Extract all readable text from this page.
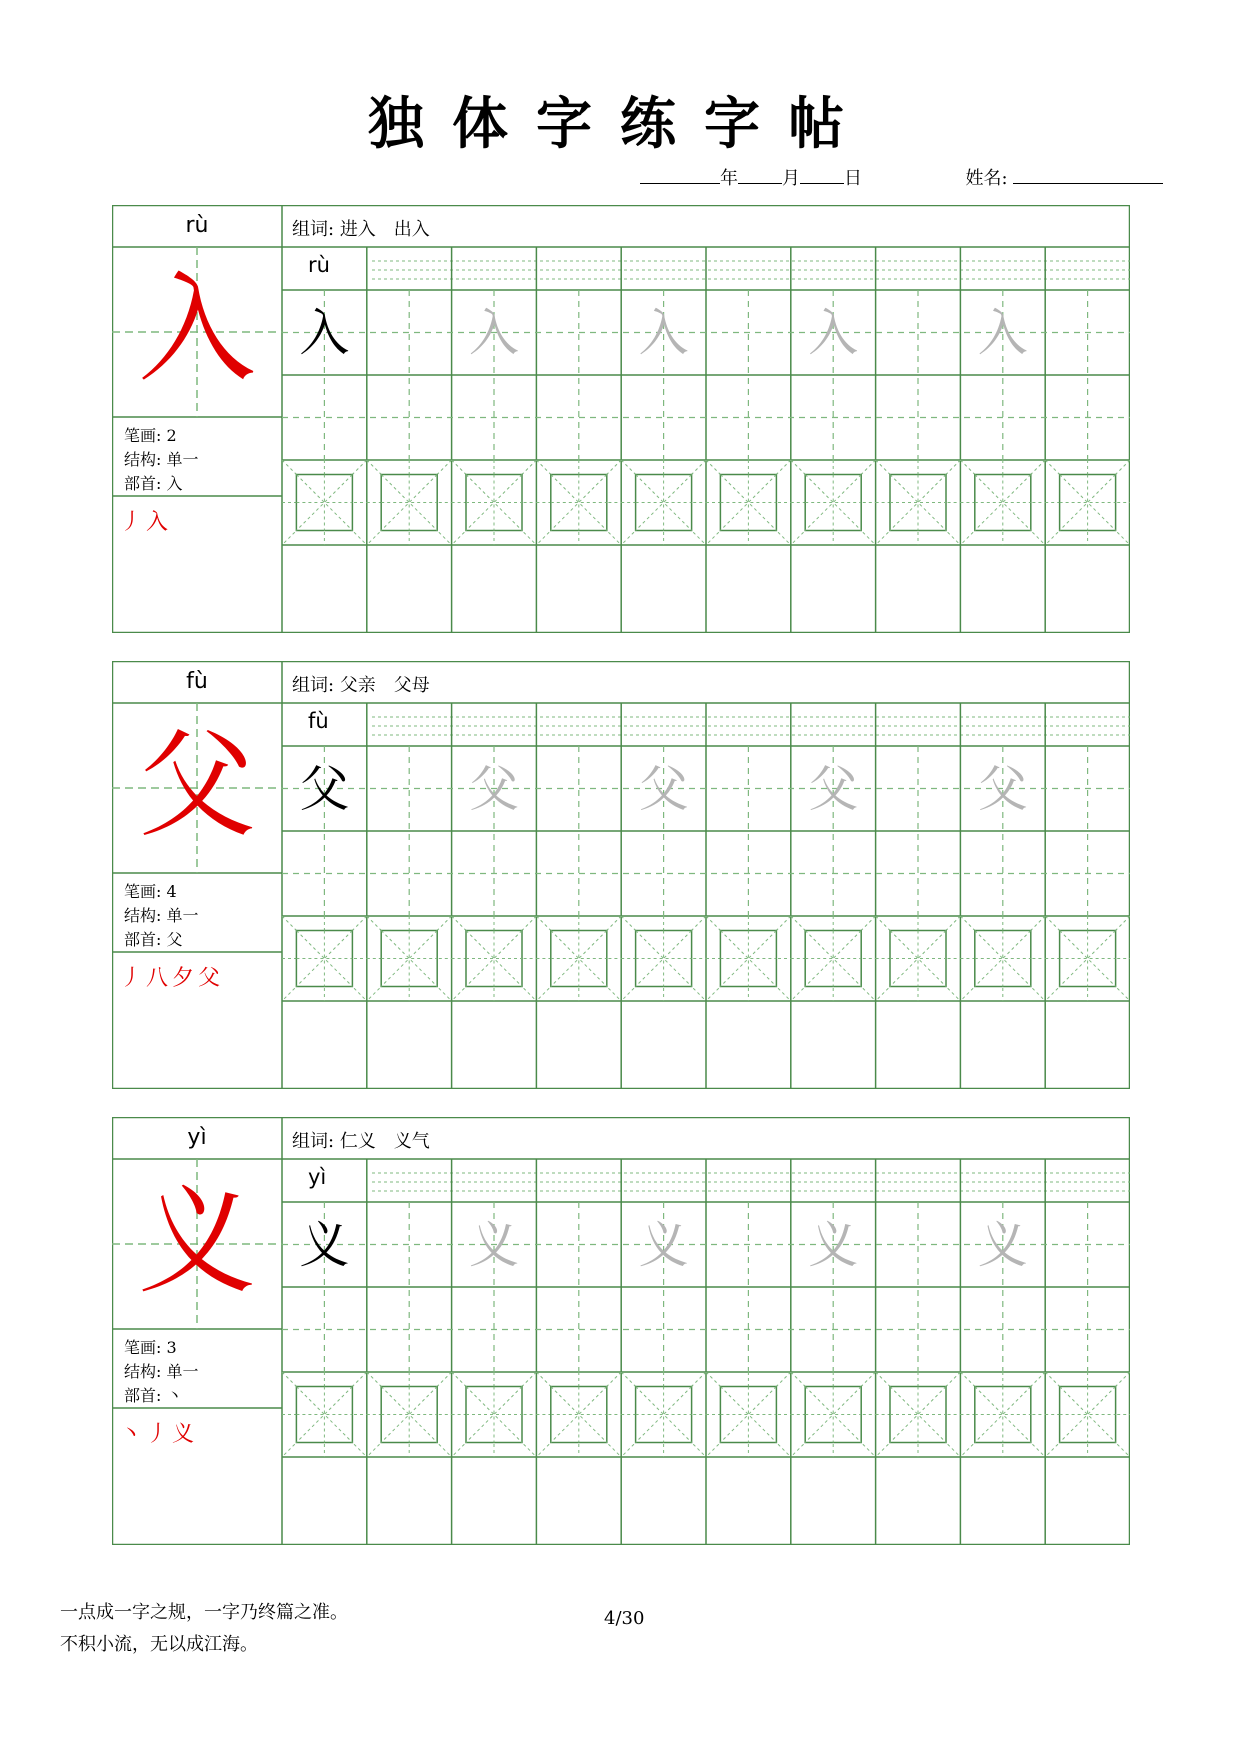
独体字练字帖
年 月 日	姓名:
rù	组词: 进入　出入
入
笔画: 2
结构: 单一
部首: 入
丿 入
rù
入	入	入	入	入
fù	组词: 父亲　父母
父
笔画: 4
结构: 单一
部首: 父
丿 八 夕 父
fù
父	父	父	父	父
yì	组词: 仁义　义气
义
笔画: 3
结构: 单一
部首: 丶
丶 丿 义
yì
义	义	义	义	义
一点成一字之规，一字乃终篇之准。
不积小流，无以成江海。
4/30
